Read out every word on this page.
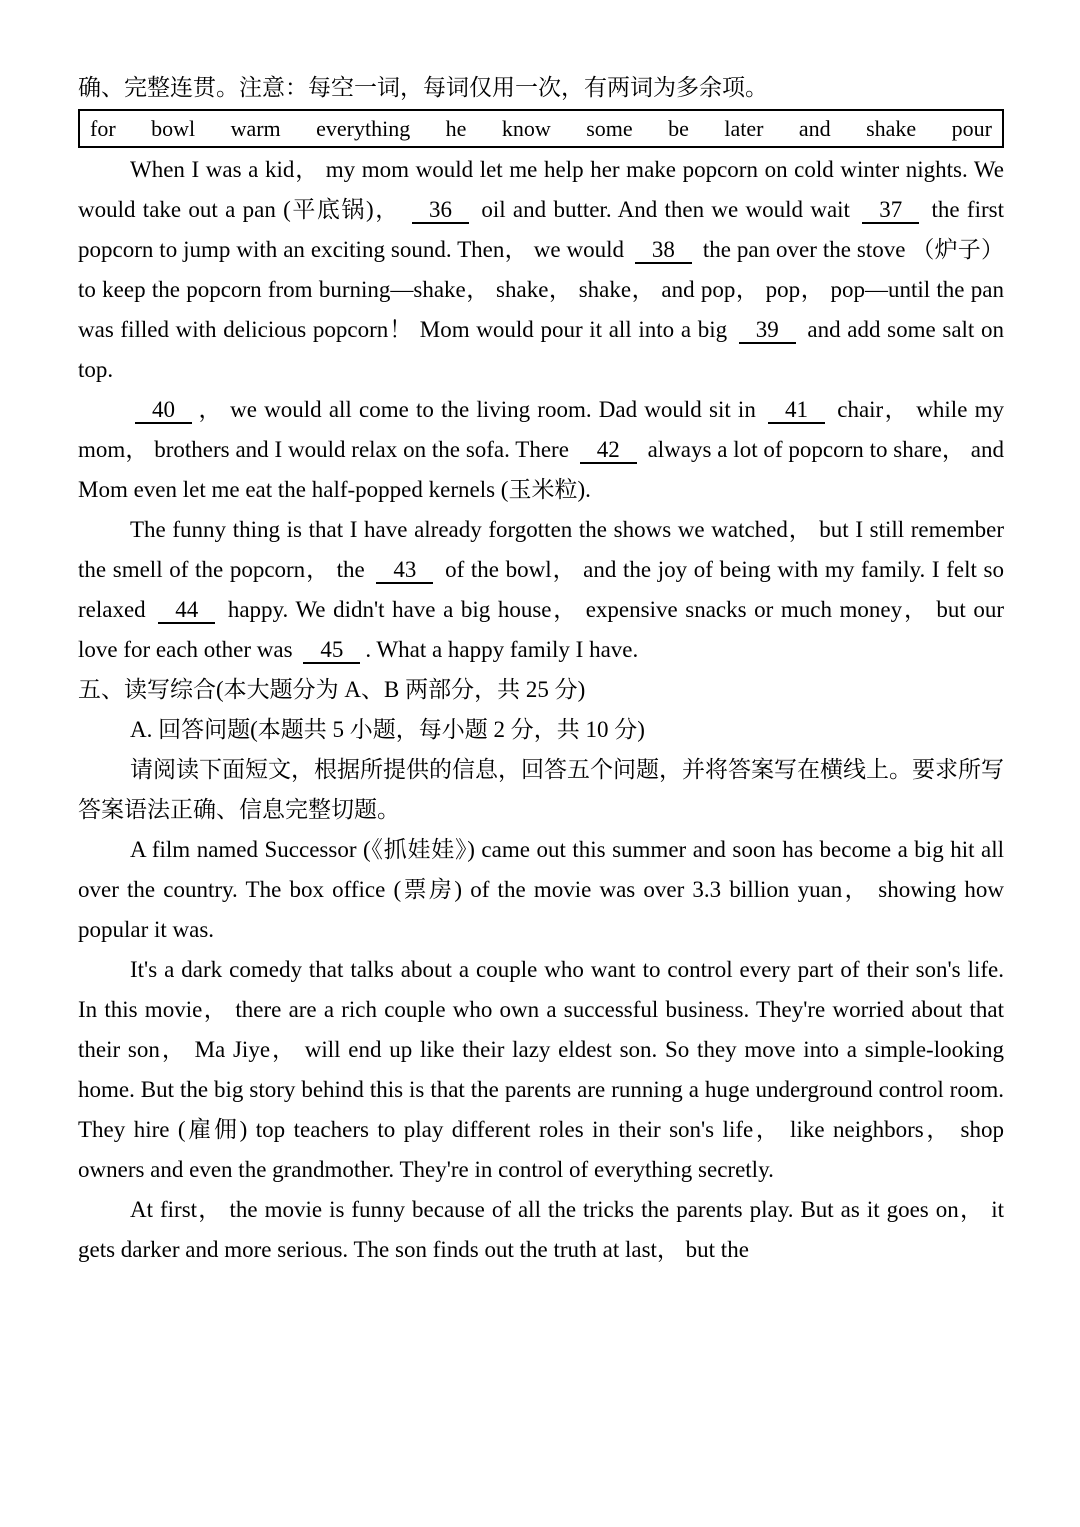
确、完整连贯。注意：每空一词，每词仅用一次，有两词为多余项。

for bowl warm everything he know some be later and shake pour

When I was a kid， my mom would let me help her make popcorn on cold winter nights. We would take out a pan (平底锅)， 36 oil and butter. And then we would wait 37 the first popcorn to jump with an exciting sound. Then， we would 38 the pan over the stove （炉子） to keep the popcorn from burning—shake， shake， shake， and pop， pop， pop—until the pan was filled with delicious popcorn！ Mom would pour it all into a big 39 and add some salt on top.

40 ， we would all come to the living room. Dad would sit in 41 chair， while my mom， brothers and I would relax on the sofa. There 42 always a lot of popcorn to share， and Mom even let me eat the half-popped kernels (玉米粒).

The funny thing is that I have already forgotten the shows we watched， but I still remember the smell of the popcorn， the 43 of the bowl， and the joy of being with my family. I felt so relaxed 44 happy. We didn't have a big house， expensive snacks or much money， but our love for each other was 45 . What a happy family I have.

五、读写综合(本大题分为 A、B 两部分，共 25 分)

A. 回答问题(本题共 5 小题，每小题 2 分，共 10 分)

请阅读下面短文，根据所提供的信息，回答五个问题，并将答案写在横线上。要求所写答案语法正确、信息完整切题。

A film named Successor (《抓娃娃》) came out this summer and soon has become a big hit all over the country. The box office (票房) of the movie was over 3.3 billion yuan， showing how popular it was.

It's a dark comedy that talks about a couple who want to control every part of their son's life. In this movie， there are a rich couple who own a successful business. They're worried about that their son， Ma Jiye， will end up like their lazy eldest son. So they move into a simple-looking home. But the big story behind this is that the parents are running a huge underground control room. They hire (雇佣) top teachers to play different roles in their son's life， like neighbors， shop owners and even the grandmother. They're in control of everything secretly.

At first， the movie is funny because of all the tricks the parents play. But as it goes on， it gets darker and more serious. The son finds out the truth at last， but the
